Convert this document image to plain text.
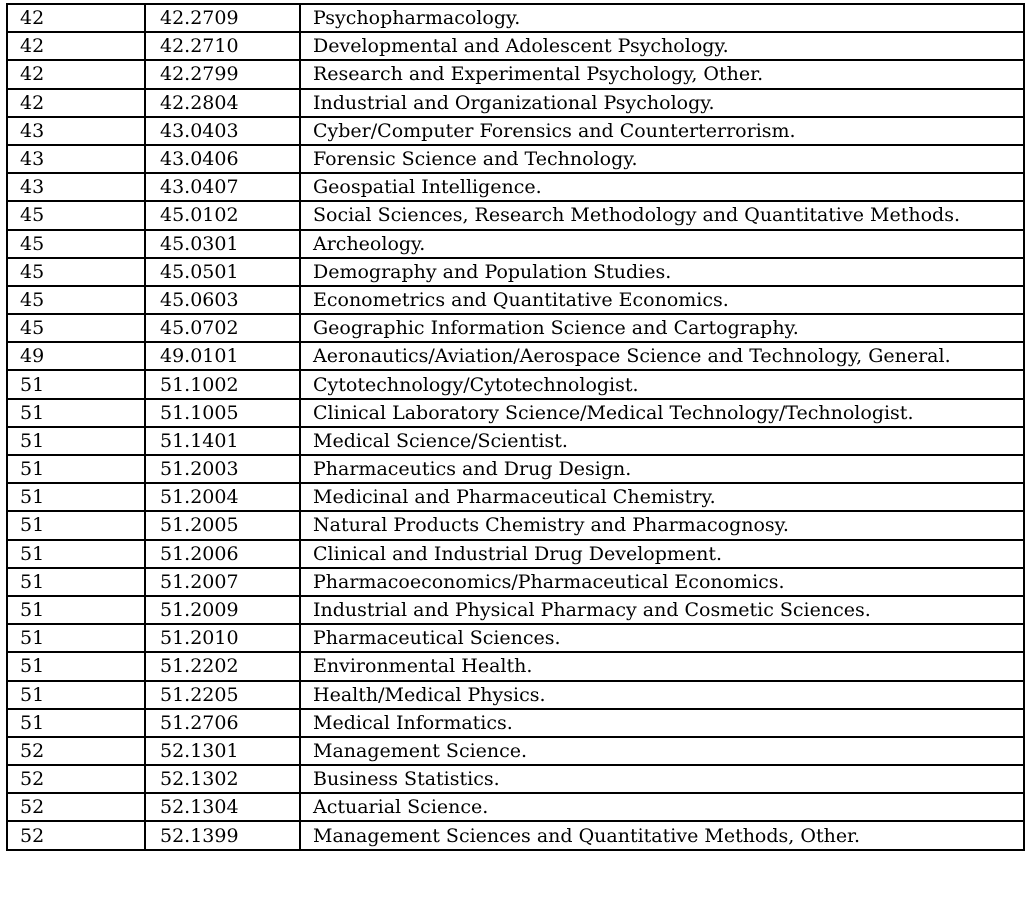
42	42.2709	Psychopharmacology.
42	42.2710	Developmental and Adolescent Psychology.
42	42.2799	Research and Experimental Psychology, Other.
42	42.2804	Industrial and Organizational Psychology.
43	43.0403	Cyber/Computer Forensics and Counterterrorism.
43	43.0406	Forensic Science and Technology.
43	43.0407	Geospatial Intelligence.
45	45.0102	Social Sciences, Research Methodology and Quantitative Methods.
45	45.0301	Archeology.
45	45.0501	Demography and Population Studies.
45	45.0603	Econometrics and Quantitative Economics.
45	45.0702	Geographic Information Science and Cartography.
49	49.0101	Aeronautics/Aviation/Aerospace Science and Technology, General.
51	51.1002	Cytotechnology/Cytotechnologist.
51	51.1005	Clinical Laboratory Science/Medical Technology/Technologist.
51	51.1401	Medical Science/Scientist.
51	51.2003	Pharmaceutics and Drug Design.
51	51.2004	Medicinal and Pharmaceutical Chemistry.
51	51.2005	Natural Products Chemistry and Pharmacognosy.
51	51.2006	Clinical and Industrial Drug Development.
51	51.2007	Pharmacoeconomics/Pharmaceutical Economics.
51	51.2009	Industrial and Physical Pharmacy and Cosmetic Sciences.
51	51.2010	Pharmaceutical Sciences.
51	51.2202	Environmental Health.
51	51.2205	Health/Medical Physics.
51	51.2706	Medical Informatics.
52	52.1301	Management Science.
52	52.1302	Business Statistics.
52	52.1304	Actuarial Science.
52	52.1399	Management Sciences and Quantitative Methods, Other.
